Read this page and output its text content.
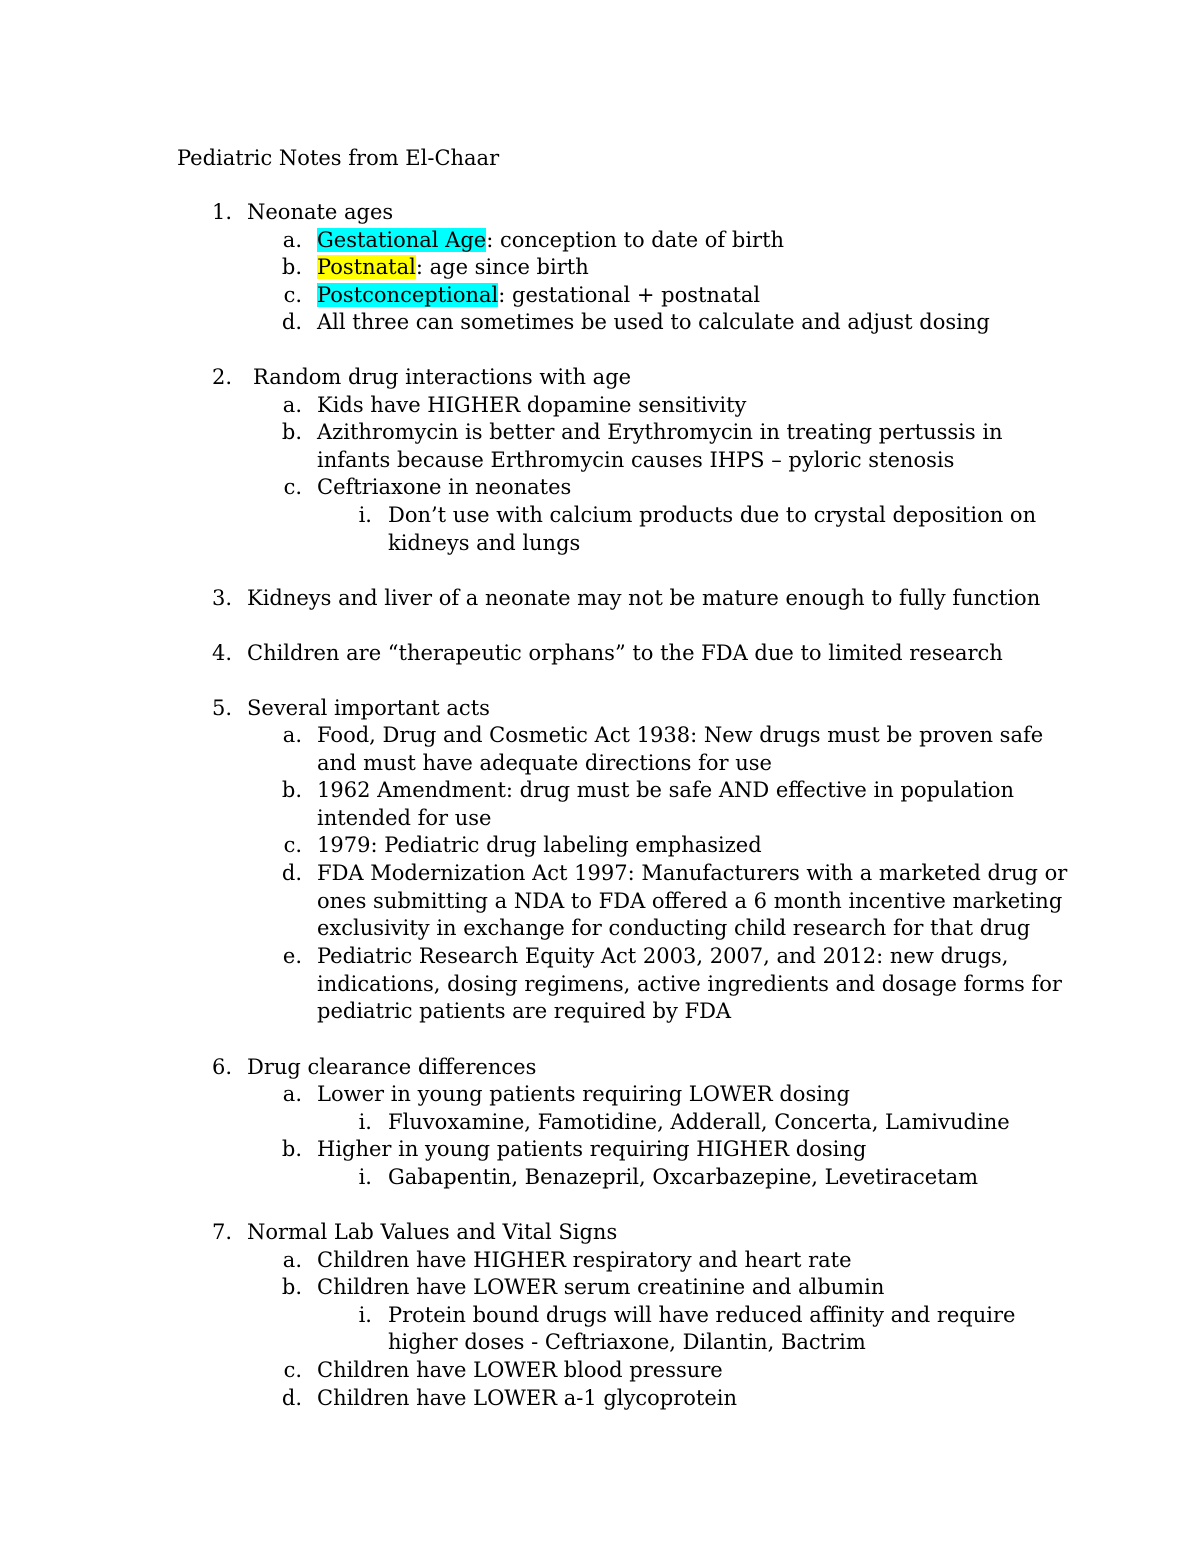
Pediatric Notes from El-Chaar
1. Neonate ages
a. Gestational Age: conception to date of birth
b. Postnatal: age since birth
c. Postconceptional: gestational + postnatal
d. All three can sometimes be used to calculate and adjust dosing
2. Random drug interactions with age
a. Kids have HIGHER dopamine sensitivity
b. Azithromycin is better and Erythromycin in treating pertussis in
infants because Erthromycin causes IHPS – pyloric stenosis
c. Ceftriaxone in neonates
i. Don’t use with calcium products due to crystal deposition on
kidneys and lungs
3. Kidneys and liver of a neonate may not be mature enough to fully function
4. Children are “therapeutic orphans” to the FDA due to limited research
5. Several important acts
a. Food, Drug and Cosmetic Act 1938: New drugs must be proven safe
and must have adequate directions for use
b. 1962 Amendment: drug must be safe AND effective in population
intended for use
c. 1979: Pediatric drug labeling emphasized
d. FDA Modernization Act 1997: Manufacturers with a marketed drug or
ones submitting a NDA to FDA offered a 6 month incentive marketing
exclusivity in exchange for conducting child research for that drug
e. Pediatric Research Equity Act 2003, 2007, and 2012: new drugs,
indications, dosing regimens, active ingredients and dosage forms for
pediatric patients are required by FDA
6. Drug clearance differences
a. Lower in young patients requiring LOWER dosing
i. Fluvoxamine, Famotidine, Adderall, Concerta, Lamivudine
b. Higher in young patients requiring HIGHER dosing
i. Gabapentin, Benazepril, Oxcarbazepine, Levetiracetam
7. Normal Lab Values and Vital Signs
a. Children have HIGHER respiratory and heart rate
b. Children have LOWER serum creatinine and albumin
i. Protein bound drugs will have reduced affinity and require
higher doses - Ceftriaxone, Dilantin, Bactrim
c. Children have LOWER blood pressure
d. Children have LOWER a-1 glycoprotein
